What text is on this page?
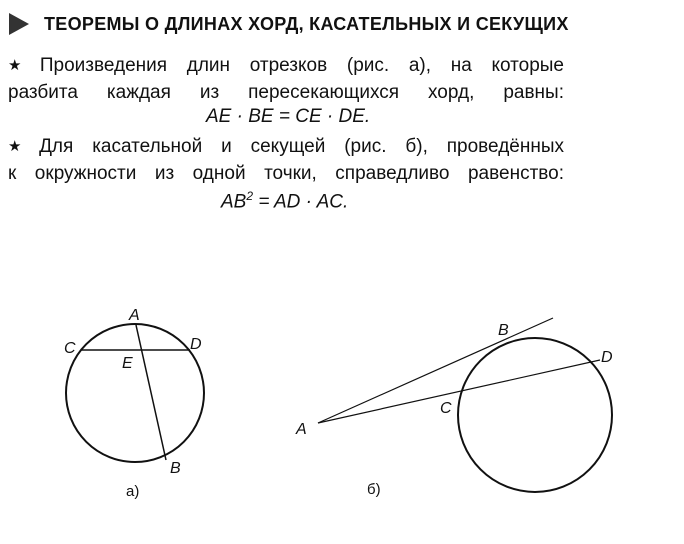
ТЕОРЕМЫ О ДЛИНАХ ХОРД, КАСАТЕЛЬНЫХ И СЕКУЩИХ
★ Произведения длин отрезков (рис. а), на которые
разбита каждая из пересекающихся хорд, равны:
AE · BE = CE · DE.
★ Для касательной и секущей (рис. б), проведённых
к окружности из одной точки, справедливо равенство:
$AB^2$ = AD · AC.
A
C	D
E
B
а)
A
B
C
D
б)
